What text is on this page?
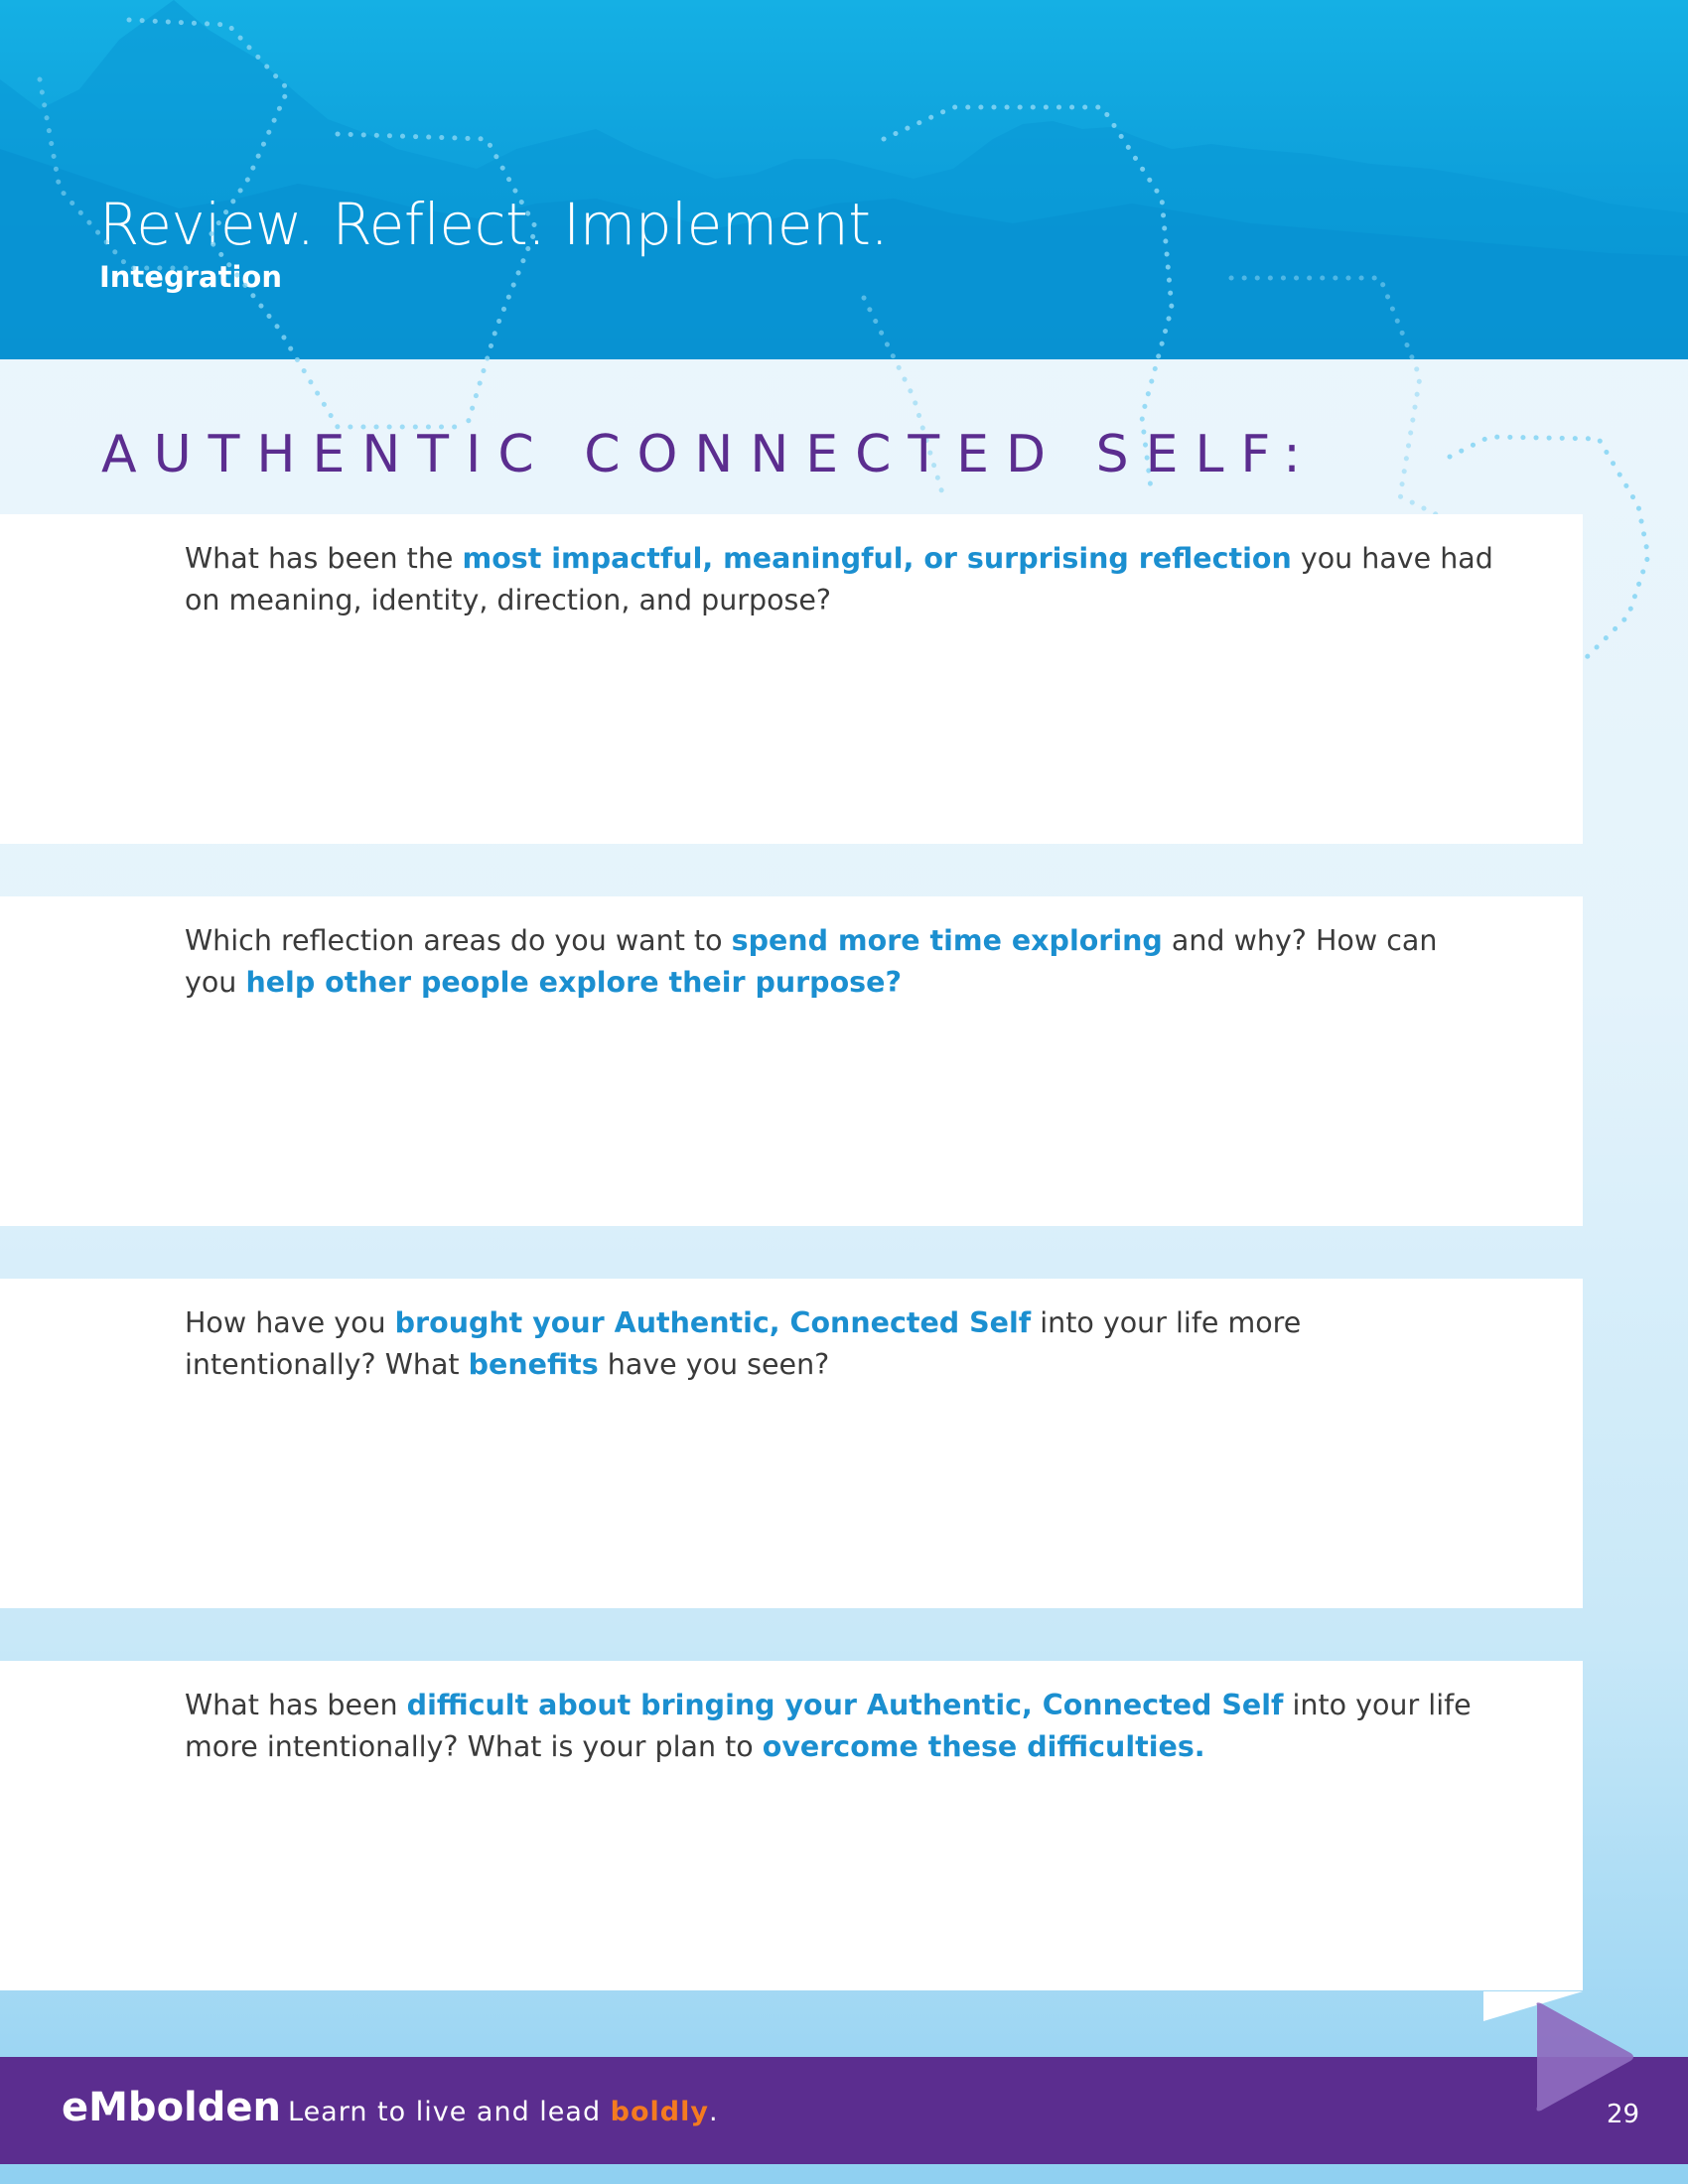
Review. Reflect. Implement.

Integration

AUTHENTIC CONNECTED SELF:

What has been the most impactful, meaningful, or surprising reflection you have had on meaning, identity, direction, and purpose?

Which reflection areas do you want to spend more time exploring and why? How can you help other people explore their purpose?

How have you brought your Authentic, Connected Self into your life more intentionally? What benefits have you seen?

What has been difficult about bringing your Authentic, Connected Self into your life more intentionally? What is your plan to overcome these difficulties.

eMbolden Learn to live and lead boldly.	29
